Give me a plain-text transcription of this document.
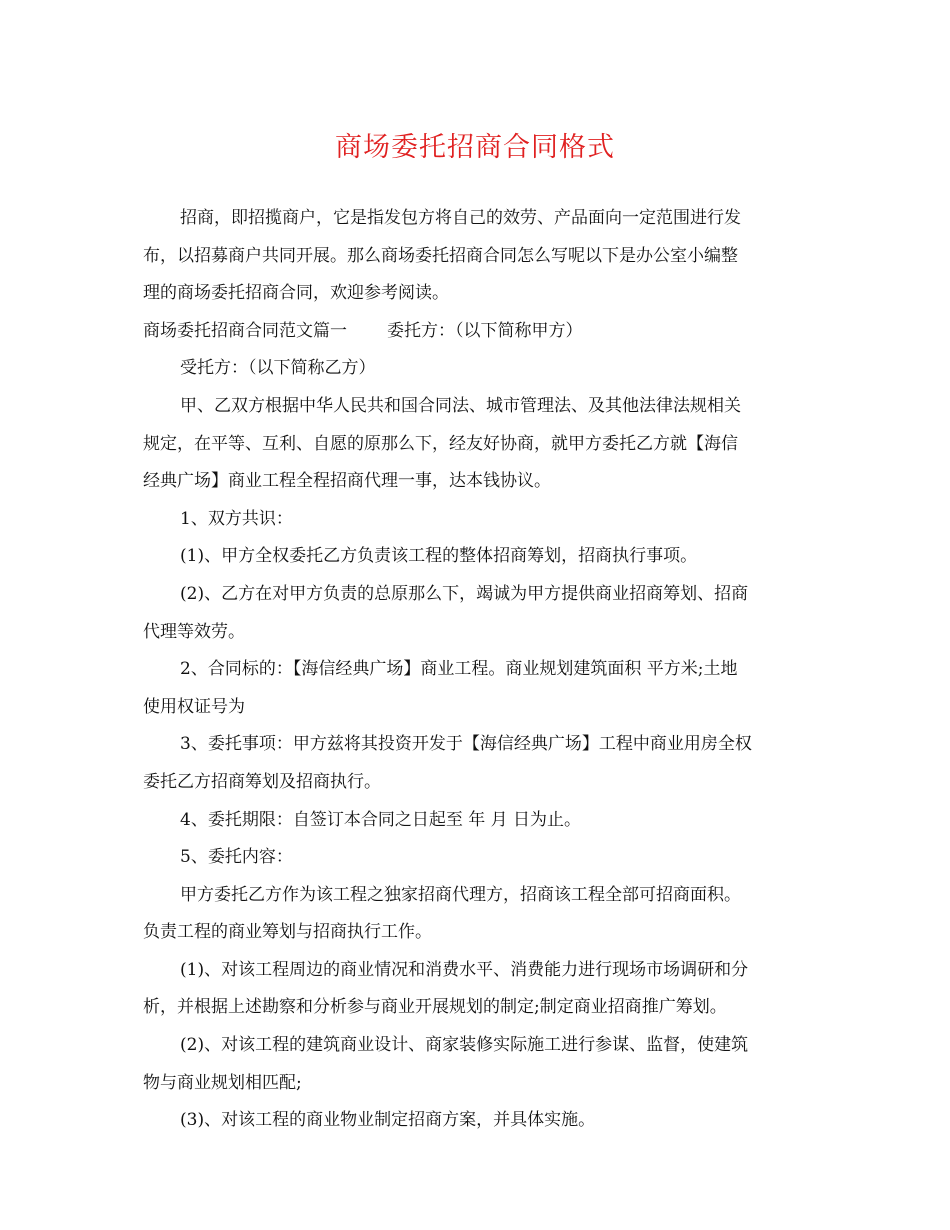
商场委托招商合同格式

招商，即招揽商户，它是指发包方将自己的效劳、产品面向一定范围进行发

布，以招募商户共同开展。那么商场委托招商合同怎么写呢以下是办公室小编整

理的商场委托招商合同，欢迎参考阅读。

商场委托招商合同范文篇一 委托方：（以下简称甲方）

受托方：（以下简称乙方）

甲、乙双方根据中华人民共和国合同法、城市管理法、及其他法律法规相关

规定，在平等、互利、自愿的原那么下，经友好协商，就甲方委托乙方就【海信

经典广场】商业工程全程招商代理一事，达本钱协议。

1、双方共识：

(1)、甲方全权委托乙方负责该工程的整体招商筹划，招商执行事项。

(2)、乙方在对甲方负责的总原那么下，竭诚为甲方提供商业招商筹划、招商

代理等效劳。

2、合同标的：【海信经典广场】商业工程。商业规划建筑面积 平方米;土地

使用权证号为

3、委托事项：甲方兹将其投资开发于【海信经典广场】工程中商业用房全权

委托乙方招商筹划及招商执行。

4、委托期限：自签订本合同之日起至 年 月 日为止。

5、委托内容：

甲方委托乙方作为该工程之独家招商代理方，招商该工程全部可招商面积。

负责工程的商业筹划与招商执行工作。

(1)、对该工程周边的商业情况和消费水平、消费能力进行现场市场调研和分

析，并根据上述勘察和分析参与商业开展规划的制定;制定商业招商推广筹划。

(2)、对该工程的建筑商业设计、商家装修实际施工进行参谋、监督，使建筑

物与商业规划相匹配;

(3)、对该工程的商业物业制定招商方案，并具体实施。
